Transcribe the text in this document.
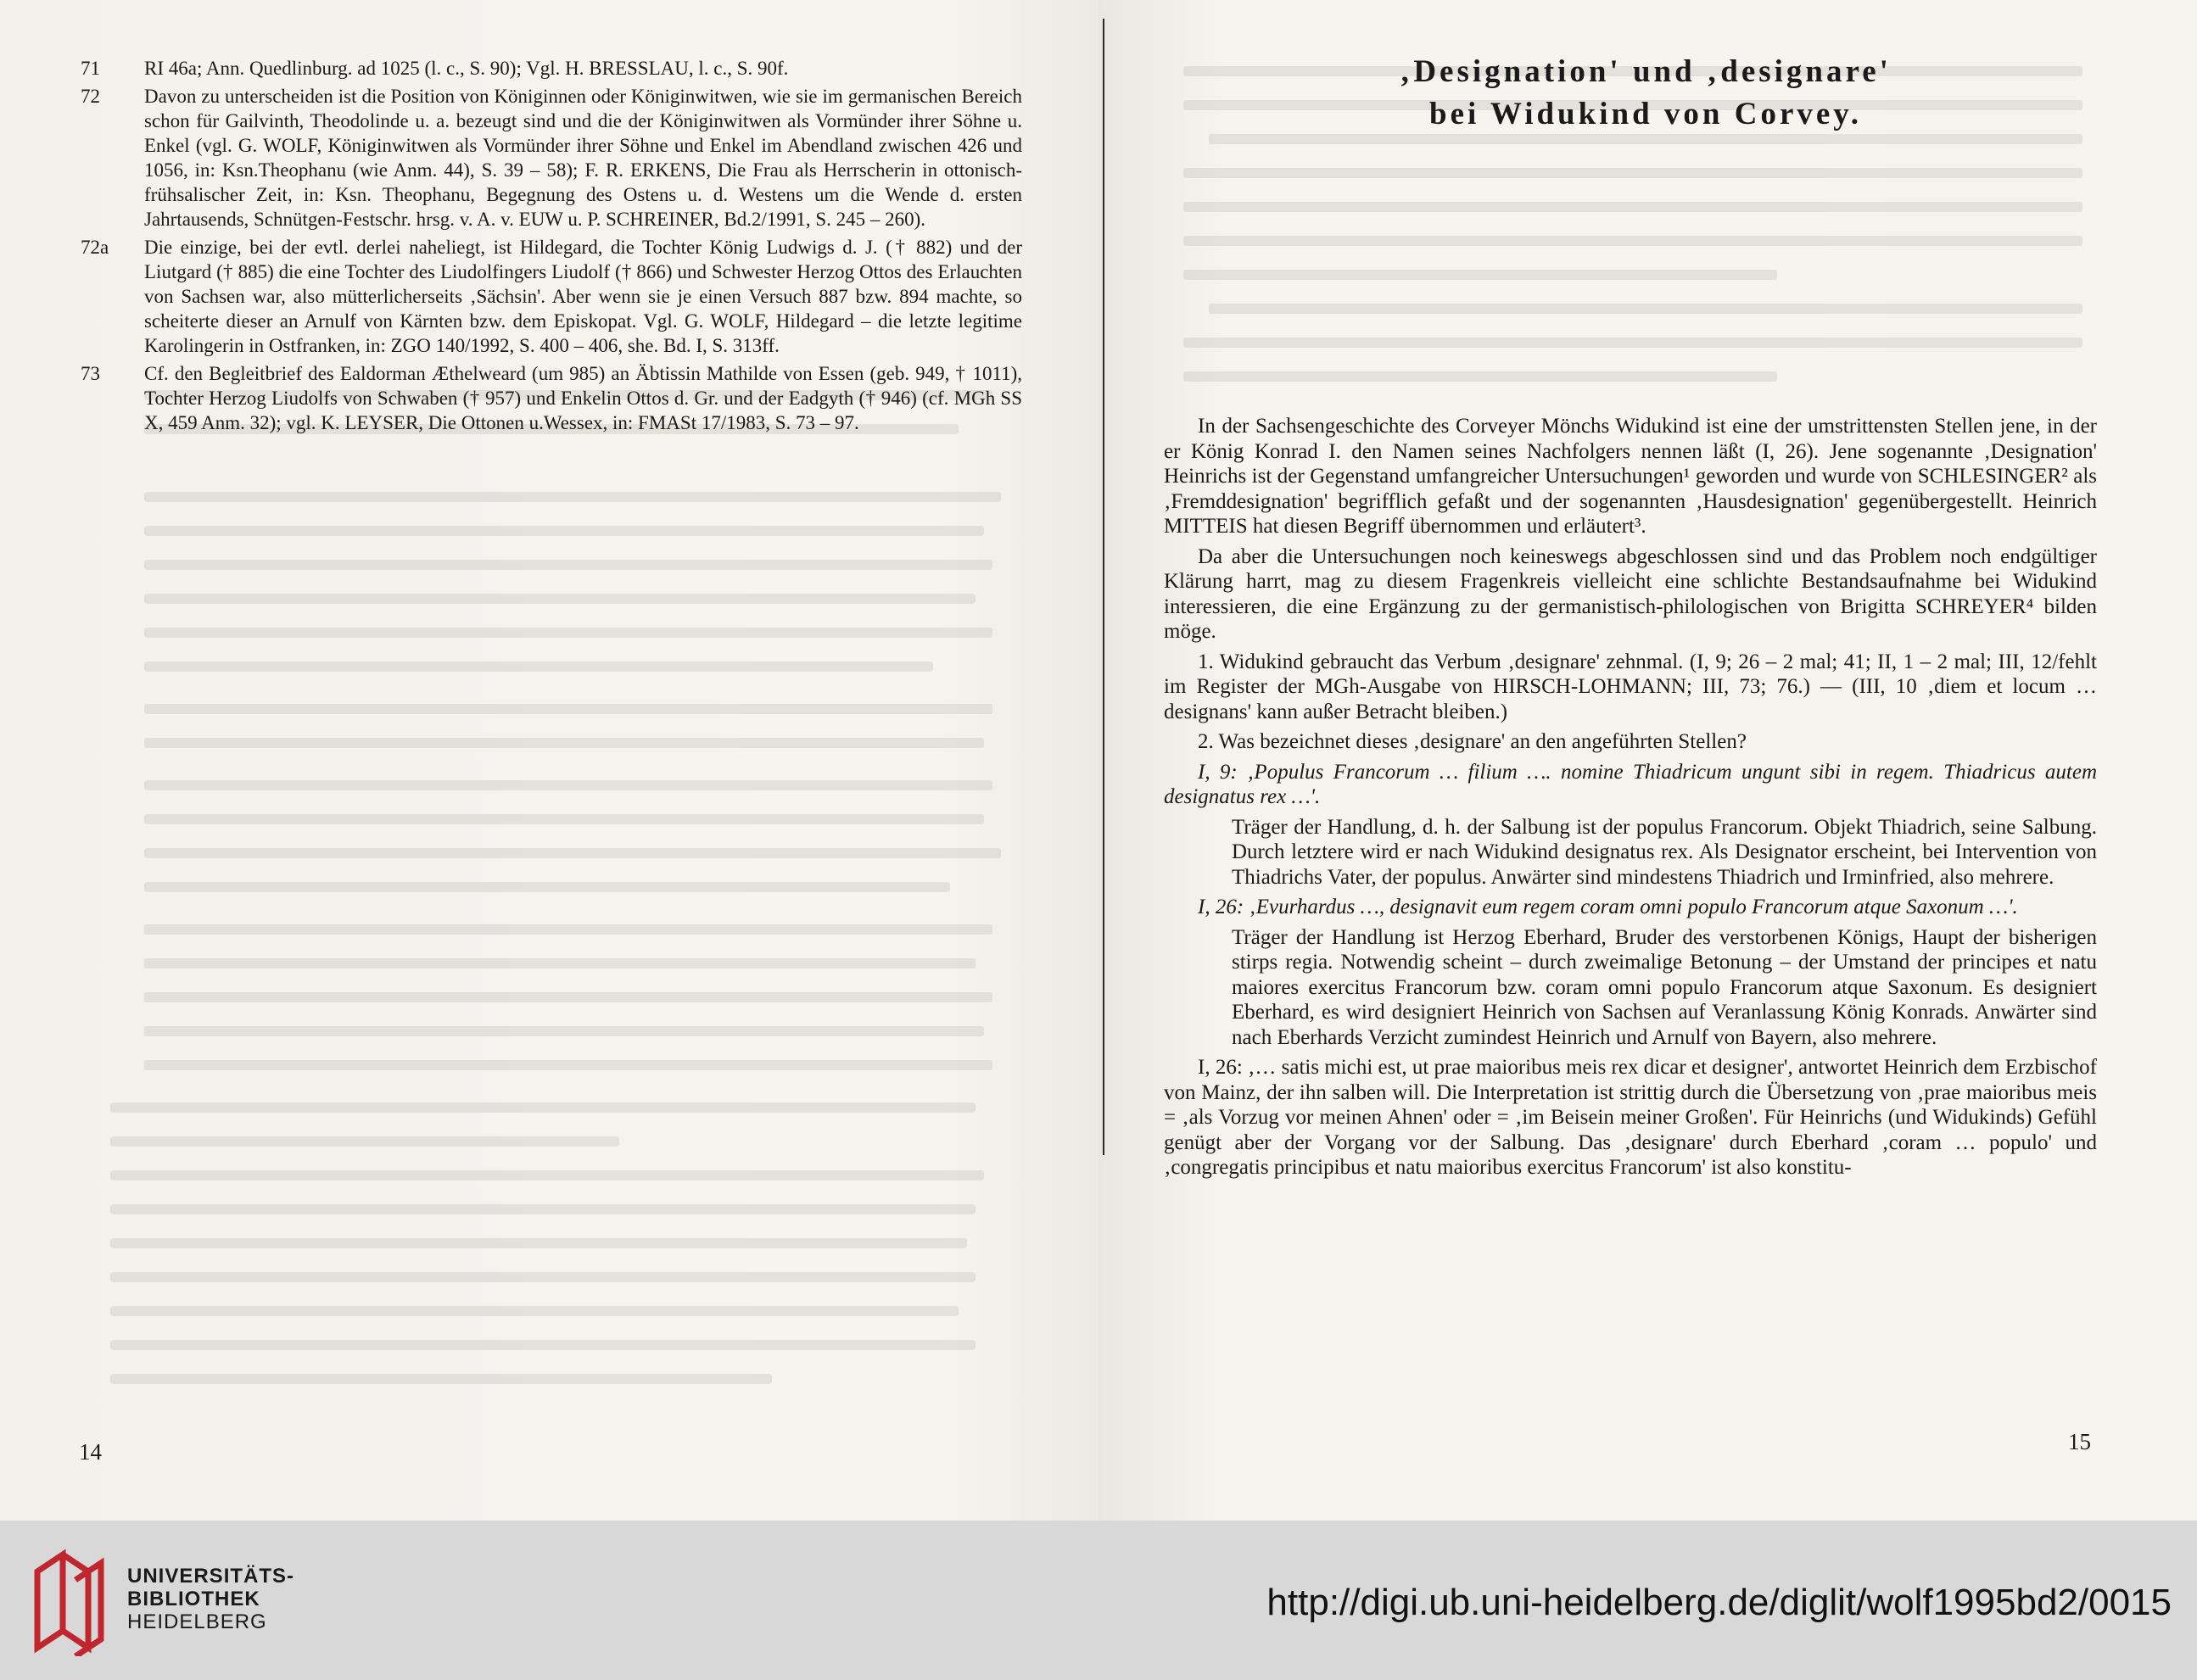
71	RI 46a; Ann. Quedlinburg. ad 1025 (l. c., S. 90); Vgl. H. BRESSLAU, l. c., S. 90f.
72	Davon zu unterscheiden ist die Position von Königinnen oder Königinwitwen, wie sie im germanischen Bereich schon für Gailvinth, Theodolinde u. a. bezeugt sind und die der Königinwitwen als Vormünder ihrer Söhne u. Enkel (vgl. G. WOLF, Königinwitwen als Vormünder ihrer Söhne und Enkel im Abendland zwischen 426 und 1056, in: Ksn.Theophanu (wie Anm. 44), S. 39 – 58); F. R. ERKENS, Die Frau als Herrscherin in ottonisch-frühsalischer Zeit, in: Ksn. Theophanu, Begegnung des Ostens u. d. Westens um die Wende d. ersten Jahrtausends, Schnütgen-Festschr. hrsg. v. A. v. EUW u. P. SCHREINER, Bd.2/1991, S. 245 – 260).
72a	Die einzige, bei der evtl. derlei naheliegt, ist Hildegard, die Tochter König Ludwigs d. J. († 882) und der Liutgard († 885) die eine Tochter des Liudolfingers Liudolf († 866) und Schwester Herzog Ottos des Erlauchten von Sachsen war, also mütterlicherseits ‚Sächsin'. Aber wenn sie je einen Versuch 887 bzw. 894 machte, so scheiterte dieser an Arnulf von Kärnten bzw. dem Episkopat. Vgl. G. WOLF, Hildegard – die letzte legitime Karolingerin in Ostfranken, in: ZGO 140/1992, S. 400 – 406, she. Bd. I, S. 313ff.
73	Cf. den Begleitbrief des Ealdorman Æthelweard (um 985) an Äbtissin Mathilde von Essen (geb. 949, † 1011), Tochter Herzog Liudolfs von Schwaben († 957) und Enkelin Ottos d. Gr. und der Eadgyth († 946) (cf. MGh SS X, 459 Anm. 32); vgl. K. LEYSER, Die Ottonen u.Wessex, in: FMASt 17/1983, S. 73 – 97.
14
‚Designation' und ‚designare'
bei Widukind von Corvey.

In der Sachsengeschichte des Corveyer Mönchs Widukind ist eine der umstrittensten Stellen jene, in der er König Konrad I. den Namen seines Nachfolgers nennen läßt (I, 26). Jene sogenannte ‚Designation' Heinrichs ist der Gegenstand umfangreicher Untersuchungen¹ geworden und wurde von SCHLESINGER² als ‚Fremddesignation' begrifflich gefaßt und der sogenannten ‚Hausdesignation' gegenübergestellt. Heinrich MITTEIS hat diesen Begriff übernommen und erläutert³.

Da aber die Untersuchungen noch keineswegs abgeschlossen sind und das Problem noch endgültiger Klärung harrt, mag zu diesem Fragenkreis vielleicht eine schlichte Bestandsaufnahme bei Widukind interessieren, die eine Ergänzung zu der germanistisch-philologischen von Brigitta SCHREYER⁴ bilden möge.

1. Widukind gebraucht das Verbum ‚designare' zehnmal. (I, 9; 26 – 2 mal; 41; II, 1 – 2 mal; III, 12/fehlt im Register der MGh-Ausgabe von HIRSCH-LOHMANN; III, 73; 76.) — (III, 10 ‚diem et locum … designans' kann außer Betracht bleiben.)

2. Was bezeichnet dieses ‚designare' an den angeführten Stellen?

I, 9: ‚Populus Francorum … filium …. nomine Thiadricum ungunt sibi in regem. Thiadricus autem designatus rex …'.

Träger der Handlung, d. h. der Salbung ist der populus Francorum. Objekt Thiadrich, seine Salbung. Durch letztere wird er nach Widukind designatus rex. Als Designator erscheint, bei Intervention von Thiadrichs Vater, der populus. Anwärter sind mindestens Thiadrich und Irminfried, also mehrere.

I, 26: ‚Evurhardus …, designavit eum regem coram omni populo Francorum atque Saxonum …'.

Träger der Handlung ist Herzog Eberhard, Bruder des verstorbenen Königs, Haupt der bisherigen stirps regia. Notwendig scheint – durch zweimalige Betonung – der Umstand der principes et natu maiores exercitus Francorum bzw. coram omni populo Francorum atque Saxonum. Es designiert Eberhard, es wird designiert Heinrich von Sachsen auf Veranlassung König Konrads. Anwärter sind nach Eberhards Verzicht zumindest Heinrich und Arnulf von Bayern, also mehrere.

I, 26: ‚… satis michi est, ut prae maioribus meis rex dicar et designer', antwortet Heinrich dem Erzbischof von Mainz, der ihn salben will. Die Interpretation ist strittig durch die Übersetzung von ‚prae maioribus meis = ‚als Vorzug vor meinen Ahnen' oder = ‚im Beisein meiner Großen'. Für Heinrichs (und Widukinds) Gefühl genügt aber der Vorgang vor der Salbung. Das ‚designare' durch Eberhard ‚coram … populo' und ‚congregatis principibus et natu maioribus exercitus Francorum' ist also konstitu-

15
UNIVERSITÄTS-
BIBLIOTHEK
HEIDELBERG	http://digi.ub.uni-heidelberg.de/diglit/wolf1995bd2/0015
